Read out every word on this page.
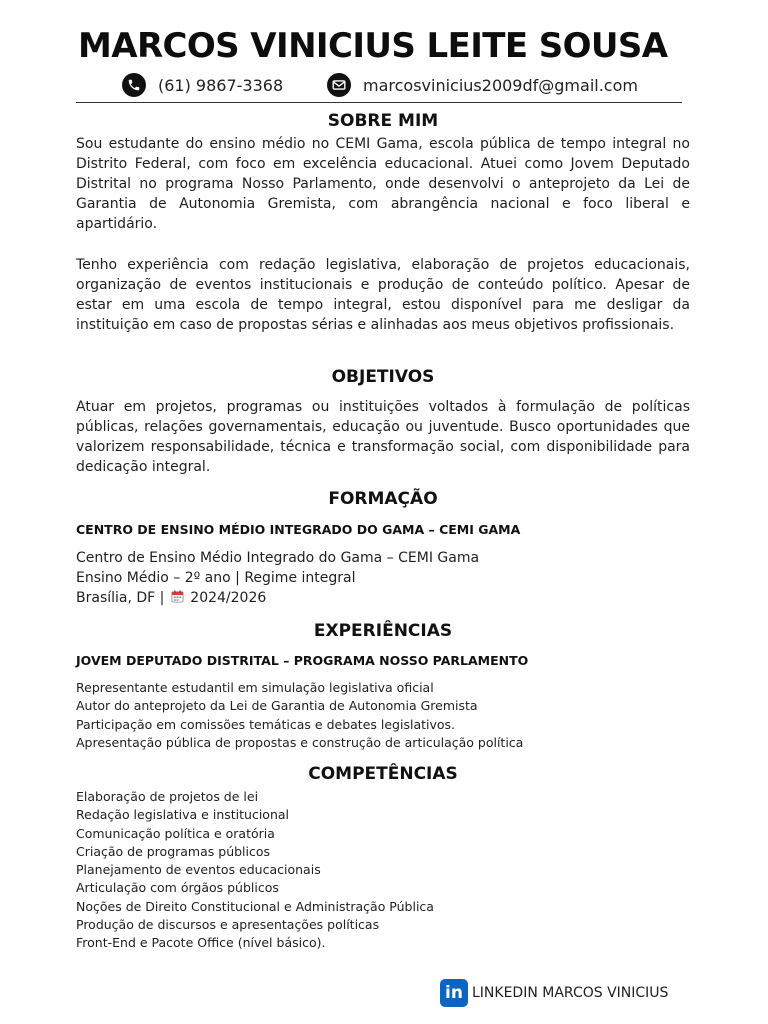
MARCOS VINICIUS LEITE SOUSA
(61) 9867-3368	marcosvinicius2009df@gmail.com
SOBRE MIM

Sou estudante do ensino médio no CEMI Gama, escola pública de tempo integral no Distrito Federal, com foco em excelência educacional. Atuei como Jovem Deputado Distrital no programa Nosso Parlamento, onde desenvolvi o anteprojeto da Lei de Garantia de Autonomia Gremista, com abrangência nacional e foco liberal e apartidário.

Tenho experiência com redação legislativa, elaboração de projetos educacionais, organização de eventos institucionais e produção de conteúdo político. Apesar de estar em uma escola de tempo integral, estou disponível para me desligar da instituição em caso de propostas sérias e alinhadas aos meus objetivos profissionais.

OBJETIVOS

Atuar em projetos, programas ou instituições voltados à formulação de políticas públicas, relações governamentais, educação ou juventude. Busco oportunidades que valorizem responsabilidade, técnica e transformação social, com disponibilidade para dedicação integral.

FORMAÇÃO
CENTRO DE ENSINO MÉDIO INTEGRADO DO GAMA – CEMI GAMA
Centro de Ensino Médio Integrado do Gama – CEMI Gama
Ensino Médio – 2º ano | Regime integral
Brasília, DF | 2024/2026
EXPERIÊNCIAS
JOVEM DEPUTADO DISTRITAL – PROGRAMA NOSSO PARLAMENTO
Representante estudantil em simulação legislativa oficial
Autor do anteprojeto da Lei de Garantia de Autonomia Gremista
Participação em comissões temáticas e debates legislativos.
Apresentação pública de propostas e construção de articulação política
COMPETÊNCIAS
Elaboração de projetos de lei
Redação legislativa e institucional
Comunicação política e oratória
Criação de programas públicos
Planejamento de eventos educacionais
Articulação com órgãos públicos
Noções de Direito Constitucional e Administração Pública
Produção de discursos e apresentações políticas
Front-End e Pacote Office (nível básico).
in LINKEDIN MARCOS VINICIUS
